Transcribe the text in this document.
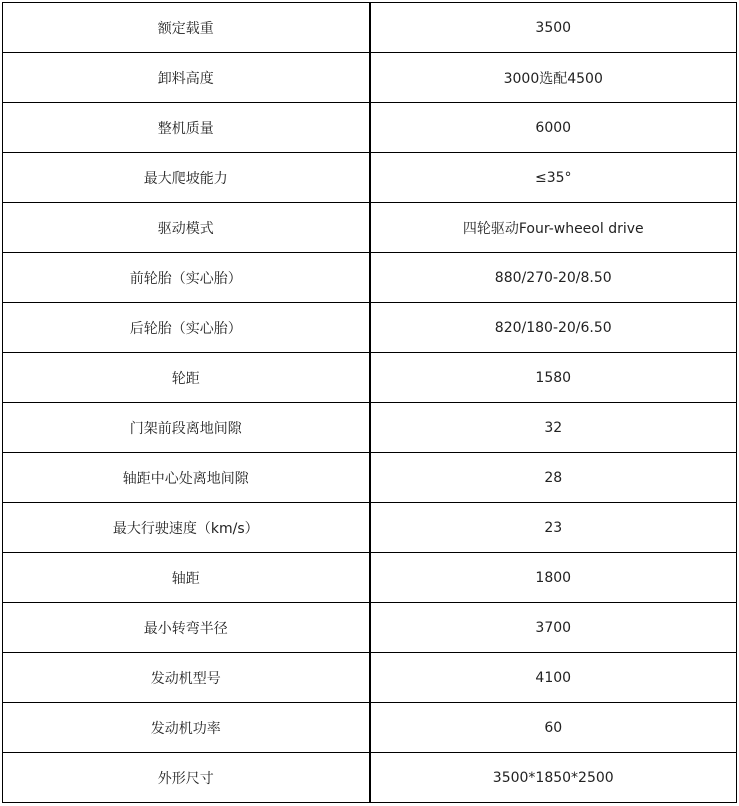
额定载重	3500
卸料高度	3000选配4500
整机质量	6000
最大爬坡能力	≤35°
驱动模式	四轮驱动Four-wheeol drive
前轮胎（实心胎）	880/270-20/8.50
后轮胎（实心胎）	820/180-20/6.50
轮距	1580
门架前段离地间隙	32
轴距中心处离地间隙	28
最大行驶速度（km/s）	23
轴距	1800
最小转弯半径	3700
发动机型号	4100
发动机功率	60
外形尺寸	3500*1850*2500
